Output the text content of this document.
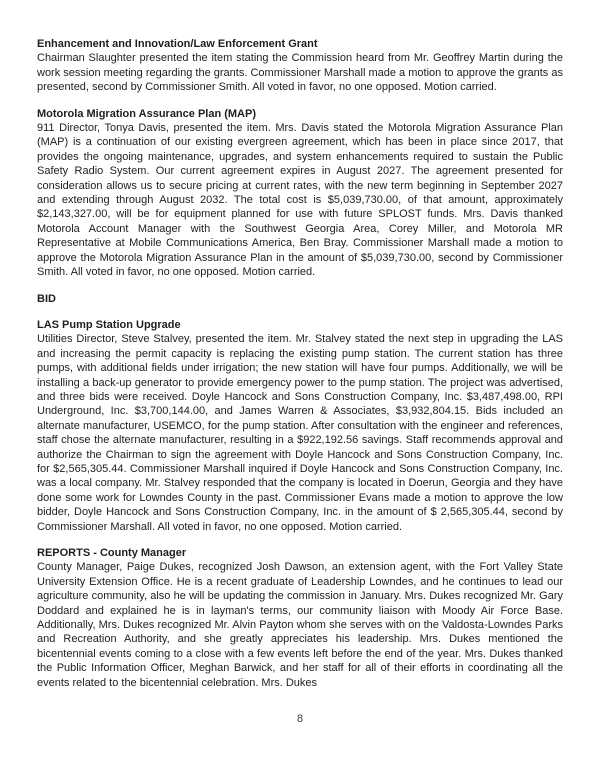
Enhancement and Innovation/Law Enforcement Grant

Chairman Slaughter presented the item stating the Commission heard from Mr. Geoffrey Martin during the work session meeting regarding the grants. Commissioner Marshall made a motion to approve the grants as presented, second by Commissioner Smith. All voted in favor, no one opposed. Motion carried.

Motorola Migration Assurance Plan (MAP)

911 Director, Tonya Davis, presented the item. Mrs. Davis stated the Motorola Migration Assurance Plan (MAP) is a continuation of our existing evergreen agreement, which has been in place since 2017, that provides the ongoing maintenance, upgrades, and system enhancements required to sustain the Public Safety Radio System. Our current agreement expires in August 2027. The agreement presented for consideration allows us to secure pricing at current rates, with the new term beginning in September 2027 and extending through August 2032. The total cost is $5,039,730.00, of that amount, approximately $2,143,327.00, will be for equipment planned for use with future SPLOST funds. Mrs. Davis thanked Motorola Account Manager with the Southwest Georgia Area, Corey Miller, and Motorola MR Representative at Mobile Communications America, Ben Bray. Commissioner Marshall made a motion to approve the Motorola Migration Assurance Plan in the amount of $5,039,730.00, second by Commissioner Smith. All voted in favor, no one opposed. Motion carried.

BID
LAS Pump Station Upgrade

Utilities Director, Steve Stalvey, presented the item. Mr. Stalvey stated the next step in upgrading the LAS and increasing the permit capacity is replacing the existing pump station. The current station has three pumps, with additional fields under irrigation; the new station will have four pumps. Additionally, we will be installing a back-up generator to provide emergency power to the pump station. The project was advertised, and three bids were received. Doyle Hancock and Sons Construction Company, Inc. $3,487,498.00, RPI Underground, Inc. $3,700,144.00, and James Warren & Associates, $3,932,804.15. Bids included an alternate manufacturer, USEMCO, for the pump station. After consultation with the engineer and references, staff chose the alternate manufacturer, resulting in a $922,192.56 savings. Staff recommends approval and authorize the Chairman to sign the agreement with Doyle Hancock and Sons Construction Company, Inc. for $2,565,305.44. Commissioner Marshall inquired if Doyle Hancock and Sons Construction Company, Inc. was a local company. Mr. Stalvey responded that the company is located in Doerun, Georgia and they have done some work for Lowndes County in the past. Commissioner Evans made a motion to approve the low bidder, Doyle Hancock and Sons Construction Company, Inc. in the amount of $ 2,565,305.44, second by Commissioner Marshall. All voted in favor, no one opposed. Motion carried.

REPORTS - County Manager

County Manager, Paige Dukes, recognized Josh Dawson, an extension agent, with the Fort Valley State University Extension Office. He is a recent graduate of Leadership Lowndes, and he continues to lead our agriculture community, also he will be updating the commission in January. Mrs. Dukes recognized Mr. Gary Doddard and explained he is in layman's terms, our community liaison with Moody Air Force Base. Additionally, Mrs. Dukes recognized Mr. Alvin Payton whom she serves with on the Valdosta-Lowndes Parks and Recreation Authority, and she greatly appreciates his leadership. Mrs. Dukes mentioned the bicentennial events coming to a close with a few events left before the end of the year. Mrs. Dukes thanked the Public Information Officer, Meghan Barwick, and her staff for all of their efforts in coordinating all the events related to the bicentennial celebration. Mrs. Dukes

8
